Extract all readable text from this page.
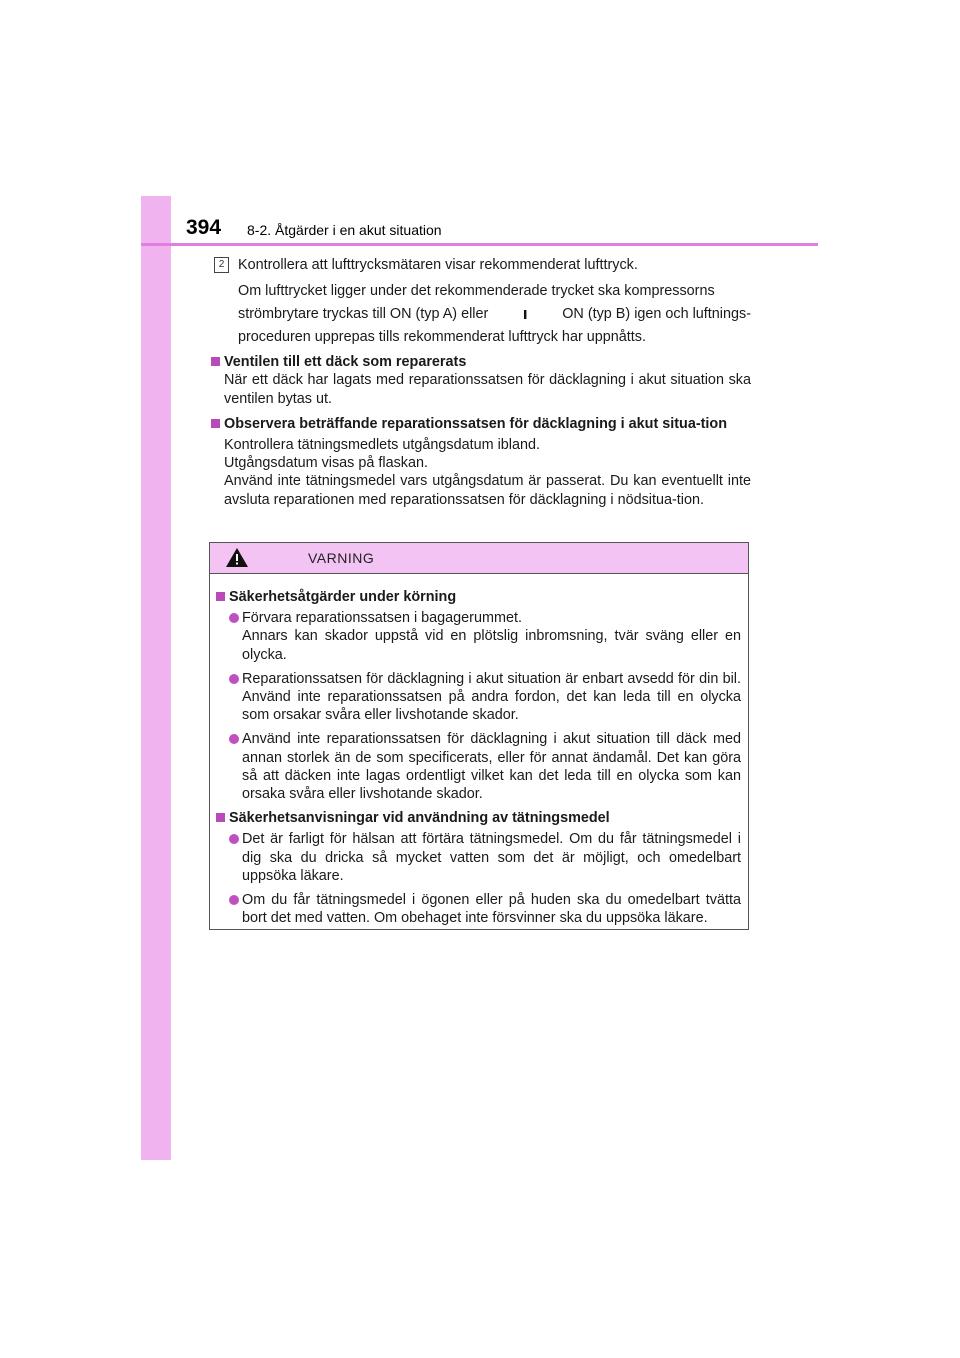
394 8-2. Åtgärder i en akut situation
2 Kontrollera att lufttrycksmätaren visar rekommenderat lufttryck.

Om lufttrycket ligger under det rekommenderade trycket ska kompressorns
strömbrytare tryckas till ON (typ A) eller	ON (typ B) igen och luftnings-
proceduren upprepas tills rekommenderat lufttryck har uppnåtts.
Ventilen till ett däck som reparerats
När ett däck har lagats med reparationssatsen för däcklagning i akut situation ska ventilen bytas ut.
Observera beträffande reparationssatsen för däcklagning i akut situa-tion
Kontrollera tätningsmedlets utgångsdatum ibland.
Utgångsdatum visas på flaskan.
Använd inte tätningsmedel vars utgångsdatum är passerat. Du kan eventuellt inte avsluta reparationen med reparationssatsen för däcklagning i nödsitua-tion.
VARNING
Säkerhetsåtgärder under körning
Förvara reparationssatsen i bagagerummet.
Annars kan skador uppstå vid en plötslig inbromsning, tvär sväng eller en olycka.
Reparationssatsen för däcklagning i akut situation är enbart avsedd för din bil. Använd inte reparationssatsen på andra fordon, det kan leda till en olycka som orsakar svåra eller livshotande skador.
Använd inte reparationssatsen för däcklagning i akut situation till däck med annan storlek än de som specificerats, eller för annat ändamål. Det kan göra så att däcken inte lagas ordentligt vilket kan det leda till en olycka som kan orsaka svåra eller livshotande skador.
Säkerhetsanvisningar vid användning av tätningsmedel
Det är farligt för hälsan att förtära tätningsmedel. Om du får tätningsmedel i dig ska du dricka så mycket vatten som det är möjligt, och omedelbart uppsöka läkare.
Om du får tätningsmedel i ögonen eller på huden ska du omedelbart tvätta bort det med vatten. Om obehaget inte försvinner ska du uppsöka läkare.
